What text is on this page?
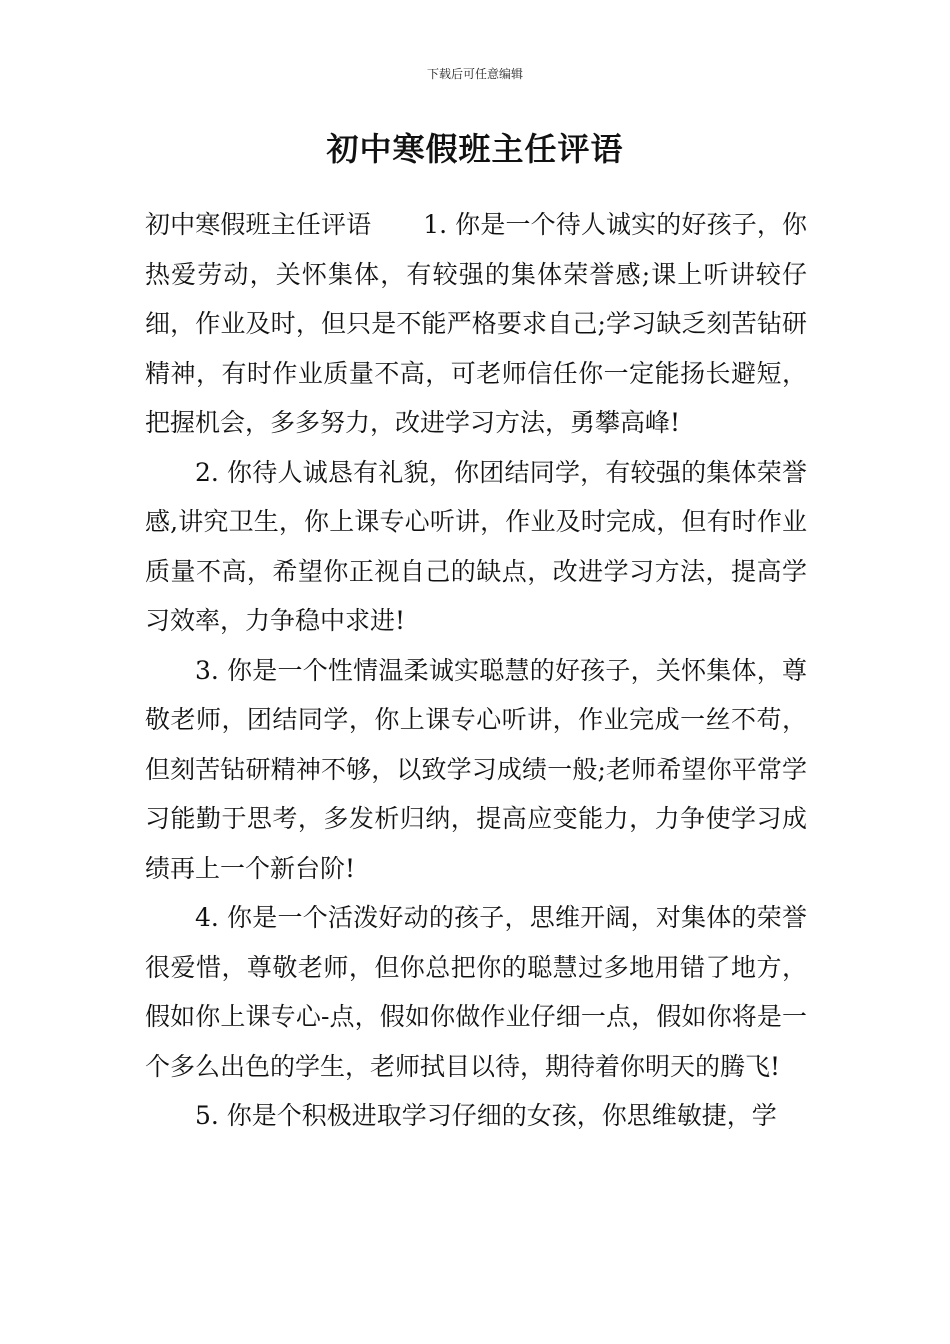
下载后可任意编辑
初中寒假班主任评语

初中寒假班主任评语 1. 你是一个待人诚实的好孩子，你热爱劳动，关怀集体，有较强的集体荣誉感;课上听讲较仔细，作业及时，但只是不能严格要求自己;学习缺乏刻苦钻研精神，有时作业质量不高，可老师信任你一定能扬长避短，把握机会，多多努力，改进学习方法，勇攀高峰!

2. 你待人诚恳有礼貌，你团结同学，有较强的集体荣誉感,讲究卫生，你上课专心听讲，作业及时完成，但有时作业质量不高，希望你正视自己的缺点，改进学习方法，提高学习效率，力争稳中求进!

3. 你是一个性情温柔诚实聪慧的好孩子，关怀集体，尊敬老师，团结同学，你上课专心听讲，作业完成一丝不苟，但刻苦钻研精神不够，以致学习成绩一般;老师希望你平常学习能勤于思考，多发析归纳，提高应变能力，力争使学习成绩再上一个新台阶!

4. 你是一个活泼好动的孩子，思维开阔，对集体的荣誉很爱惜，尊敬老师，但你总把你的聪慧过多地用错了地方，假如你上课专心-点，假如你做作业仔细一点，假如你将是一个多么出色的学生，老师拭目以待，期待着你明天的腾飞!

5. 你是个积极进取学习仔细的女孩，你思维敏捷，学
